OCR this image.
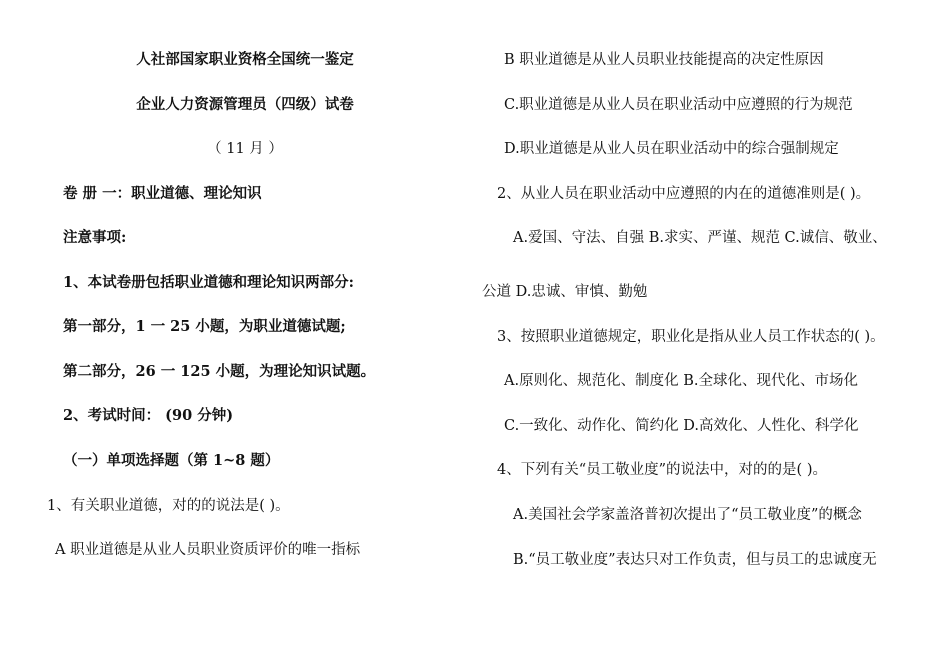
人社部国家职业资格全国统一鉴定
企业人力资源管理员（四级）试卷
（ 11 月 ）
卷 册 一：职业道德、理论知识
注意事项:
1、本试卷册包括职业道德和理论知识两部分:
第一部分，1 一 25 小题，为职业道德试题;
第二部分，26 一 125 小题，为理论知识试题。
2、考试时间： (90 分钟)
（一）单项选择题（第 1~8 题）
1、有关职业道德，对的的说法是( )。
A 职业道德是从业人员职业资质评价的唯一指标
B 职业道德是从业人员职业技能提高的决定性原因
C.职业道德是从业人员在职业活动中应遵照的行为规范
D.职业道德是从业人员在职业活动中的综合强制规定
2、从业人员在职业活动中应遵照的内在的道德准则是( )。
A.爱国、守法、自强 B.求实、严谨、规范 C.诚信、敬业、
公道 D.忠诚、审慎、勤勉
3、按照职业道德规定，职业化是指从业人员工作状态的( )。
A.原则化、规范化、制度化 B.全球化、现代化、市场化
C.一致化、动作化、简约化 D.高效化、人性化、科学化
4、下列有关“员工敬业度”的说法中，对的的是( )。
A.美国社会学家盖洛普初次提出了“员工敬业度”的概念
B.“员工敬业度”表达只对工作负责，但与员工的忠诚度无
